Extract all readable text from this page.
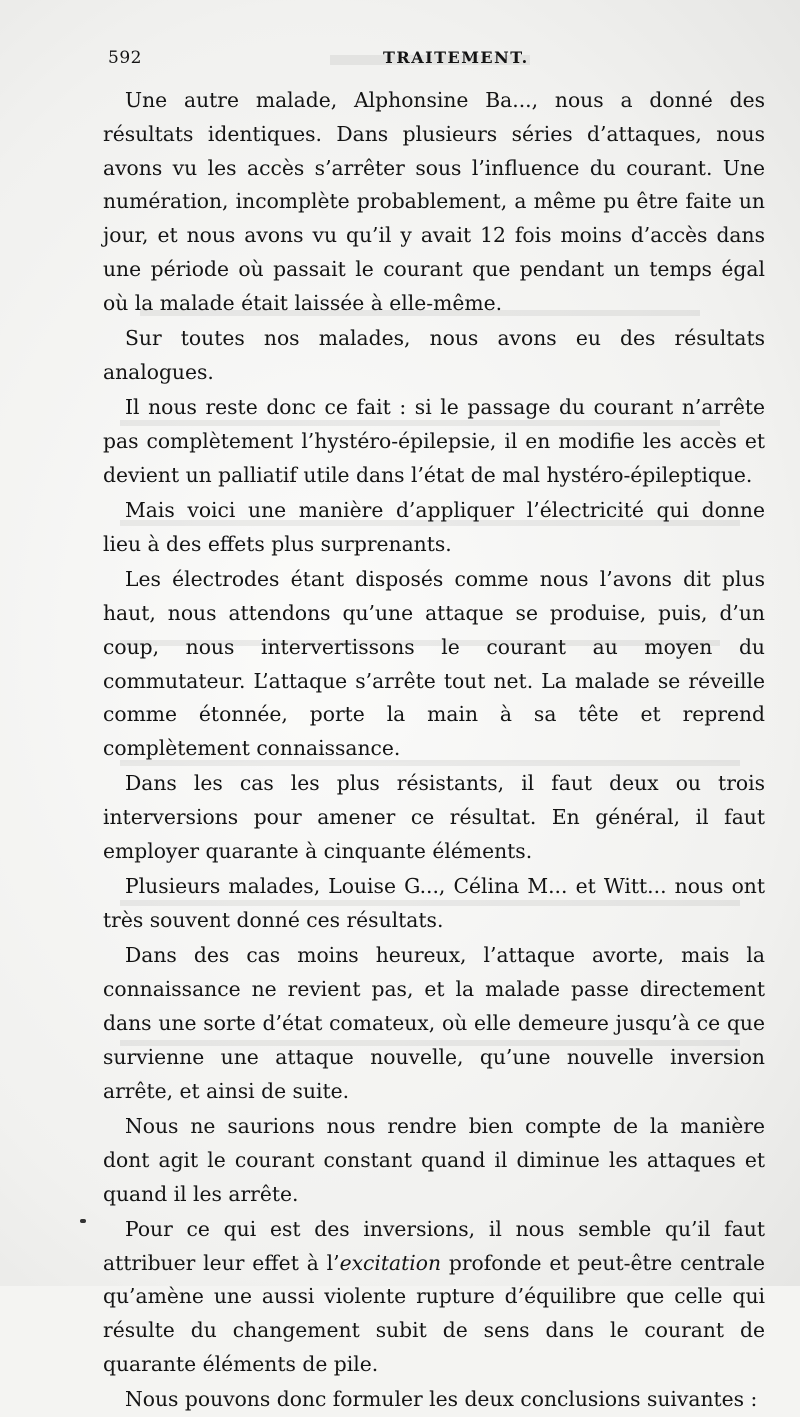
592	TRAITEMENT.

Une autre malade, Alphonsine Ba..., nous a donné des résultats identiques. Dans plusieurs séries d’attaques, nous avons vu les accès s’arrêter sous l’influence du courant. Une numération, incomplète probablement, a même pu être faite un jour, et nous avons vu qu’il y avait 12 fois moins d’accès dans une période où passait le courant que pendant un temps égal où la malade était laissée à elle-même.

Sur toutes nos malades, nous avons eu des résultats analogues.

Il nous reste donc ce fait : si le passage du courant n’arrête pas complètement l’hystéro-épilepsie, il en modifie les accès et devient un palliatif utile dans l’état de mal hystéro-épileptique.

Mais voici une manière d’appliquer l’électricité qui donne lieu à des effets plus surprenants.

Les électrodes étant disposés comme nous l’avons dit plus haut, nous attendons qu’une attaque se produise, puis, d’un coup, nous intervertissons le courant au moyen du commutateur. L’attaque s’arrête tout net. La malade se réveille comme étonnée, porte la main à sa tête et reprend complètement connaissance.

Dans les cas les plus résistants, il faut deux ou trois interversions pour amener ce résultat. En général, il faut employer quarante à cinquante éléments.

Plusieurs malades, Louise G..., Célina M... et Witt... nous ont très souvent donné ces résultats.

Dans des cas moins heureux, l’attaque avorte, mais la connaissance ne revient pas, et la malade passe directement dans une sorte d’état comateux, où elle demeure jusqu’à ce que survienne une attaque nouvelle, qu’une nouvelle inversion arrête, et ainsi de suite.

Nous ne saurions nous rendre bien compte de la manière dont agit le courant constant quand il diminue les attaques et quand il les arrête.

Pour ce qui est des inversions, il nous semble qu’il faut attribuer leur effet à l’excitation profonde et peut-être centrale qu’amène une aussi violente rupture d’équilibre que celle qui résulte du changement subit de sens dans le courant de quarante éléments de pile.

Nous pouvons donc formuler les deux conclusions suivantes :
